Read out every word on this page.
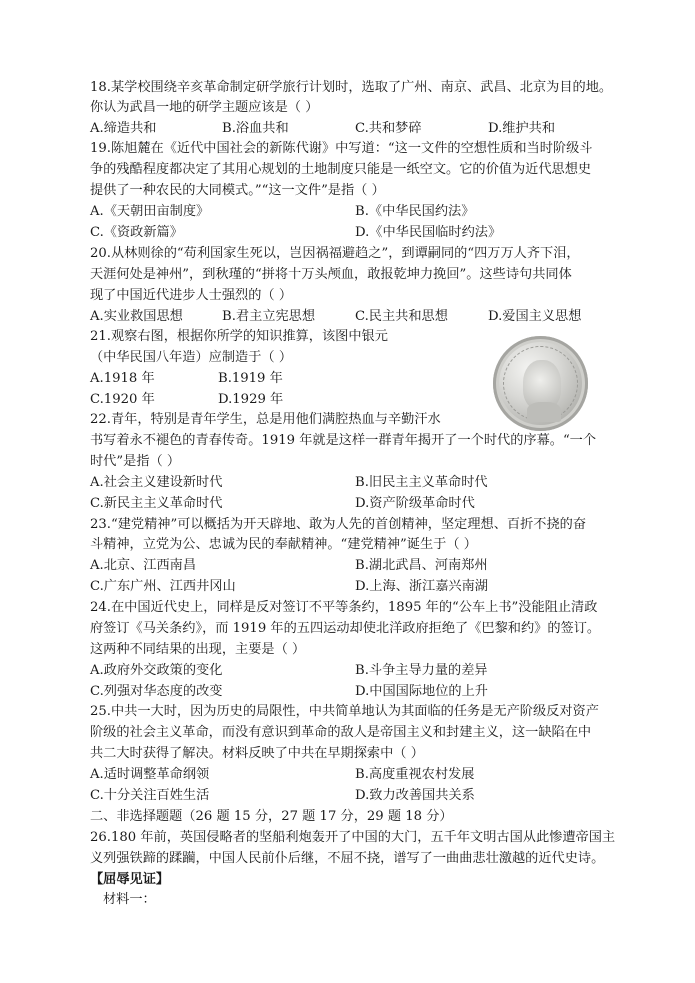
18.某学校围绕辛亥革命制定研学旅行计划时，选取了广州、南京、武昌、北京为目的地。
你认为武昌一地的研学主题应该是（ ）
A.缔造共和	B.浴血共和	C.共和梦碎	D.维护共和
19.陈旭麓在《近代中国社会的新陈代谢》中写道：“这一文件的空想性质和当时阶级斗
争的残酷程度都决定了其用心规划的土地制度只能是一纸空文。它的价值为近代思想史
提供了一种农民的大同模式。”“这一文件”是指（ ）
A.《天朝田亩制度》	B.《中华民国约法》
C.《资政新篇》	D.《中华民国临时约法》
20.从林则徐的“苟利国家生死以，岂因祸福避趋之”，到谭嗣同的“四万万人齐下泪，
天涯何处是神州”，到秋瑾的“拼将十万头颅血，敢报乾坤力挽回”。这些诗句共同体
现了中国近代进步人士强烈的（ ）
A.实业救国思想	B.君主立宪思想	C.民主共和思想	D.爱国主义思想
21.观察右图，根据你所学的知识推算，该图中银元
（中华民国八年造）应制造于（ ）
A.1918 年	B.1919 年
C.1920 年	D.1929 年
22.青年，特别是青年学生，总是用他们满腔热血与辛勤汗水
书写着永不褪色的青春传奇。1919 年就是这样一群青年揭开了一个时代的序幕。“一个
时代”是指（ ）
A.社会主义建设新时代	B.旧民主主义革命时代
C.新民主主义革命时代	D.资产阶级革命时代
23.“建党精神”可以概括为开天辟地、敢为人先的首创精神，坚定理想、百折不挠的奋
斗精神，立党为公、忠诚为民的奉献精神。“建党精神”诞生于（ ）
A.北京、江西南昌	B.湖北武昌、河南郑州
C.广东广州、江西井冈山	D.上海、浙江嘉兴南湖
24.在中国近代史上，同样是反对签订不平等条约，1895 年的“公车上书”没能阻止清政
府签订《马关条约》，而 1919 年的五四运动却使北洋政府拒绝了《巴黎和约》的签订。
这两种不同结果的出现，主要是（ ）
A.政府外交政策的变化	B.斗争主导力量的差异
C.列强对华态度的改变	D.中国国际地位的上升
25.中共一大时，因为历史的局限性，中共简单地认为其面临的任务是无产阶级反对资产
阶级的社会主义革命，而没有意识到革命的敌人是帝国主义和封建主义，这一缺陷在中
共二大时获得了解决。材料反映了中共在早期探索中（ ）
A.适时调整革命纲领	B.高度重视农村发展
C.十分关注百姓生活	D.致力改善国共关系
二、非选择题题（26 题 15 分，27 题 17 分，29 题 18 分）
26.180 年前，英国侵略者的坚船利炮轰开了中国的大门，五千年文明古国从此惨遭帝国主
义列强铁蹄的蹂躏，中国人民前仆后继，不屈不挠，谱写了一曲曲悲壮激越的近代史诗。
【屈辱见证】
材料一：
